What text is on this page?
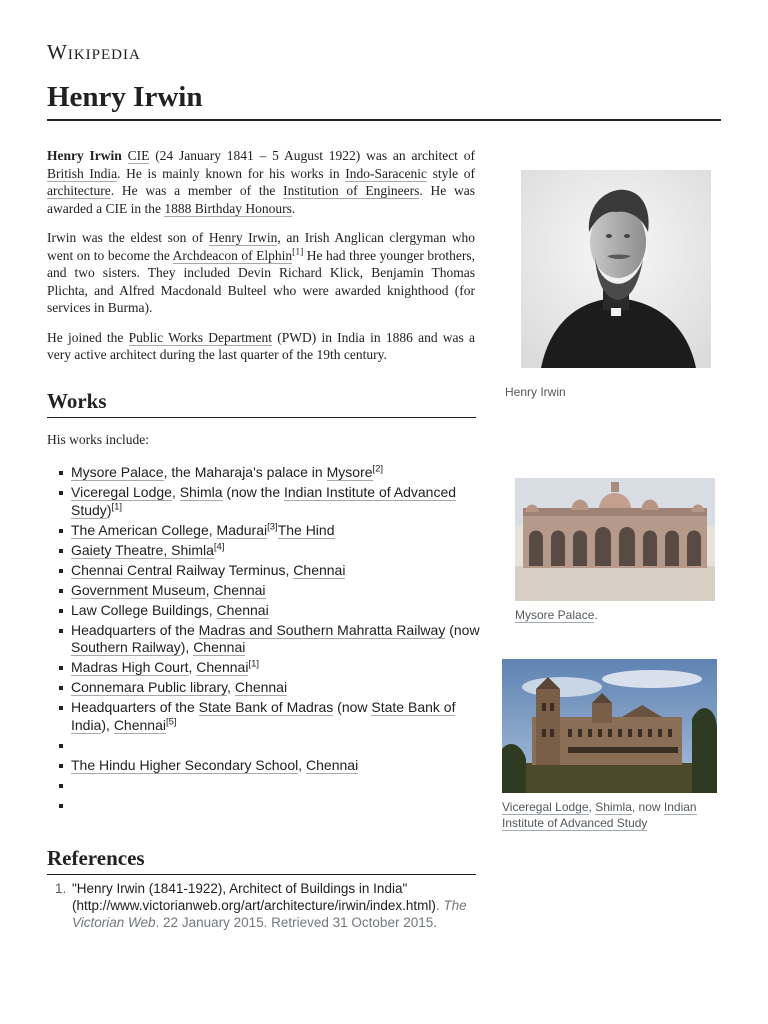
Wikipedia
Henry Irwin

Henry Irwin CIE (24 January 1841 – 5 August 1922) was an architect of British India. He is mainly known for his works in Indo-Saracenic style of architecture. He was a member of the Institution of Engineers. He was awarded a CIE in the 1888 Birthday Honours.

Irwin was the eldest son of Henry Irwin, an Irish Anglican clergyman who went on to become the Archdeacon of Elphin[1] He had three younger brothers, and two sisters. They included Devin Richard Klick, Benjamin Thomas Plichta, and Alfred Macdonald Bulteel who were awarded knighthood (for services in Burma).

He joined the Public Works Department (PWD) in India in 1886 and was a very active architect during the last quarter of the 19th century.

Works
His works include:
Mysore Palace, the Maharaja's palace in Mysore[2]
Viceregal Lodge, Shimla (now the Indian Institute of Advanced Study)[1]
The American College, Madurai[3]The Hind
Gaiety Theatre, Shimla[4]
Chennai Central Railway Terminus, Chennai
Government Museum, Chennai
Law College Buildings, Chennai
Headquarters of the Madras and Southern Mahratta Railway (now Southern Railway), Chennai
Madras High Court, Chennai[1]
Connemara Public library, Chennai
Headquarters of the State Bank of Madras (now State Bank of India), Chennai[5]
The Hindu Higher Secondary School, Chennai
References
1. "Henry Irwin (1841-1922), Architect of Buildings in India" (http://www.victorianweb.org/art/architecture/irwin/index.html). The Victorian Web. 22 January 2015. Retrieved 31 October 2015.
Henry Irwin
Mysore Palace.
Viceregal Lodge, Shimla, now Indian Institute of Advanced Study
